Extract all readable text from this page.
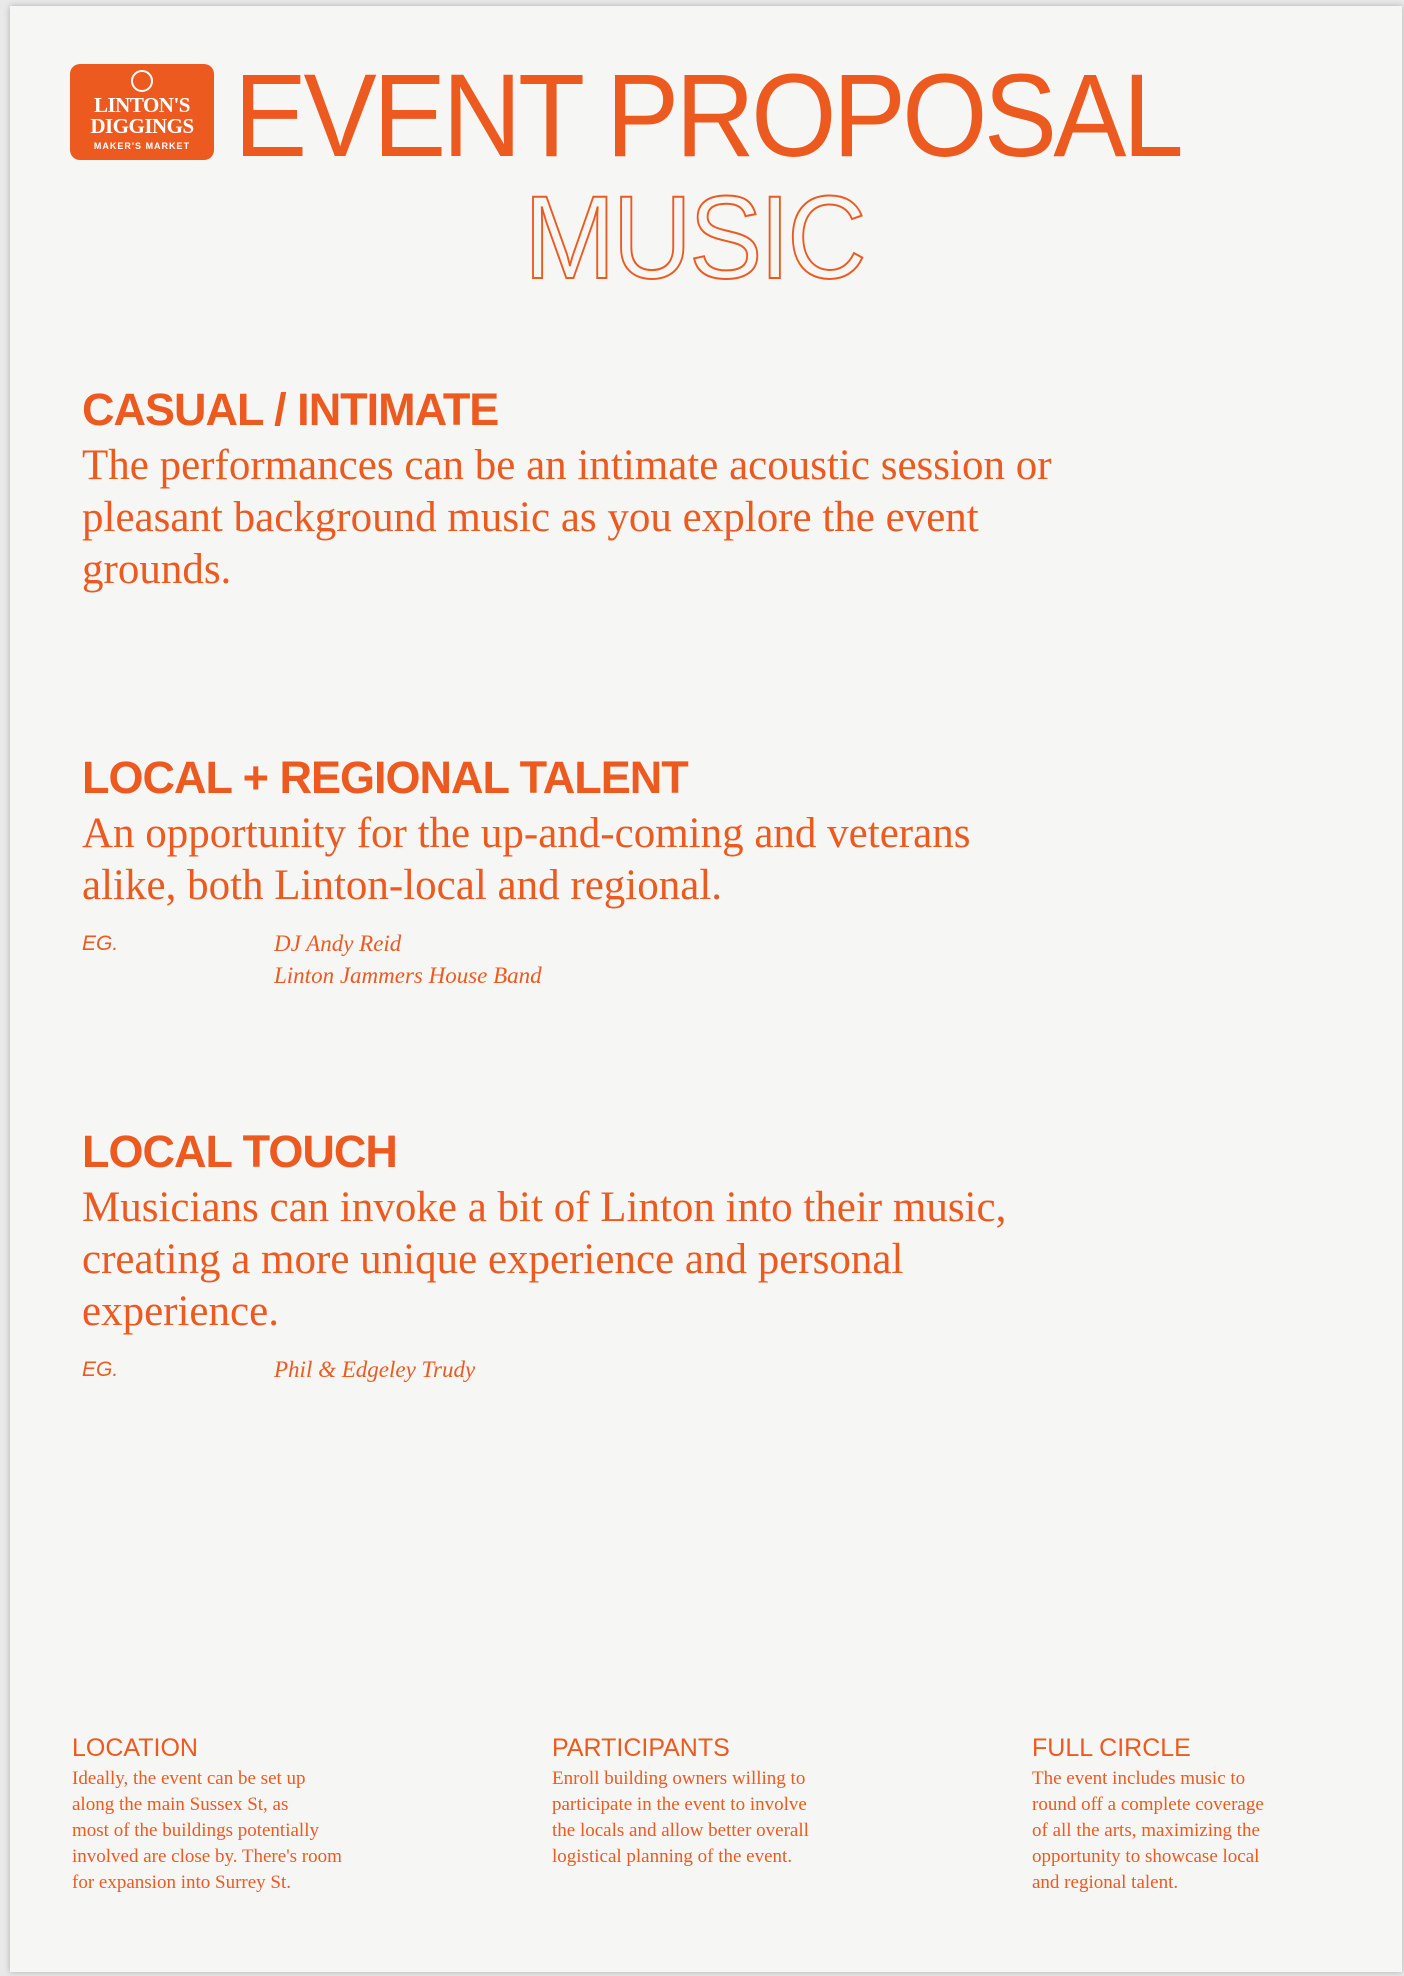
LINTON'S
DIGGINGS
MAKER'S MARKET EVENT PROPOSAL
MUSIC
CASUAL / INTIMATE

The performances can be an intimate acoustic session or pleasant background music as you explore the event grounds.

LOCAL + REGIONAL TALENT

An opportunity for the up-and-coming and veterans alike, both Linton-local and regional.

EG.	DJ Andy Reid
Linton Jammers House Band
LOCAL TOUCH

Musicians can invoke a bit of Linton into their music, creating a more unique experience and personal experience.

EG.	Phil & Edgeley Trudy
LOCATION
Ideally, the event can be set up
along the main Sussex St, as
most of the buildings potentially
involved are close by. There's room
for expansion into Surrey St.
PARTICIPANTS
Enroll building owners willing to
participate in the event to involve
the locals and allow better overall
logistical planning of the event.
FULL CIRCLE
The event includes music to
round off a complete coverage
of all the arts, maximizing the
opportunity to showcase local
and regional talent.
